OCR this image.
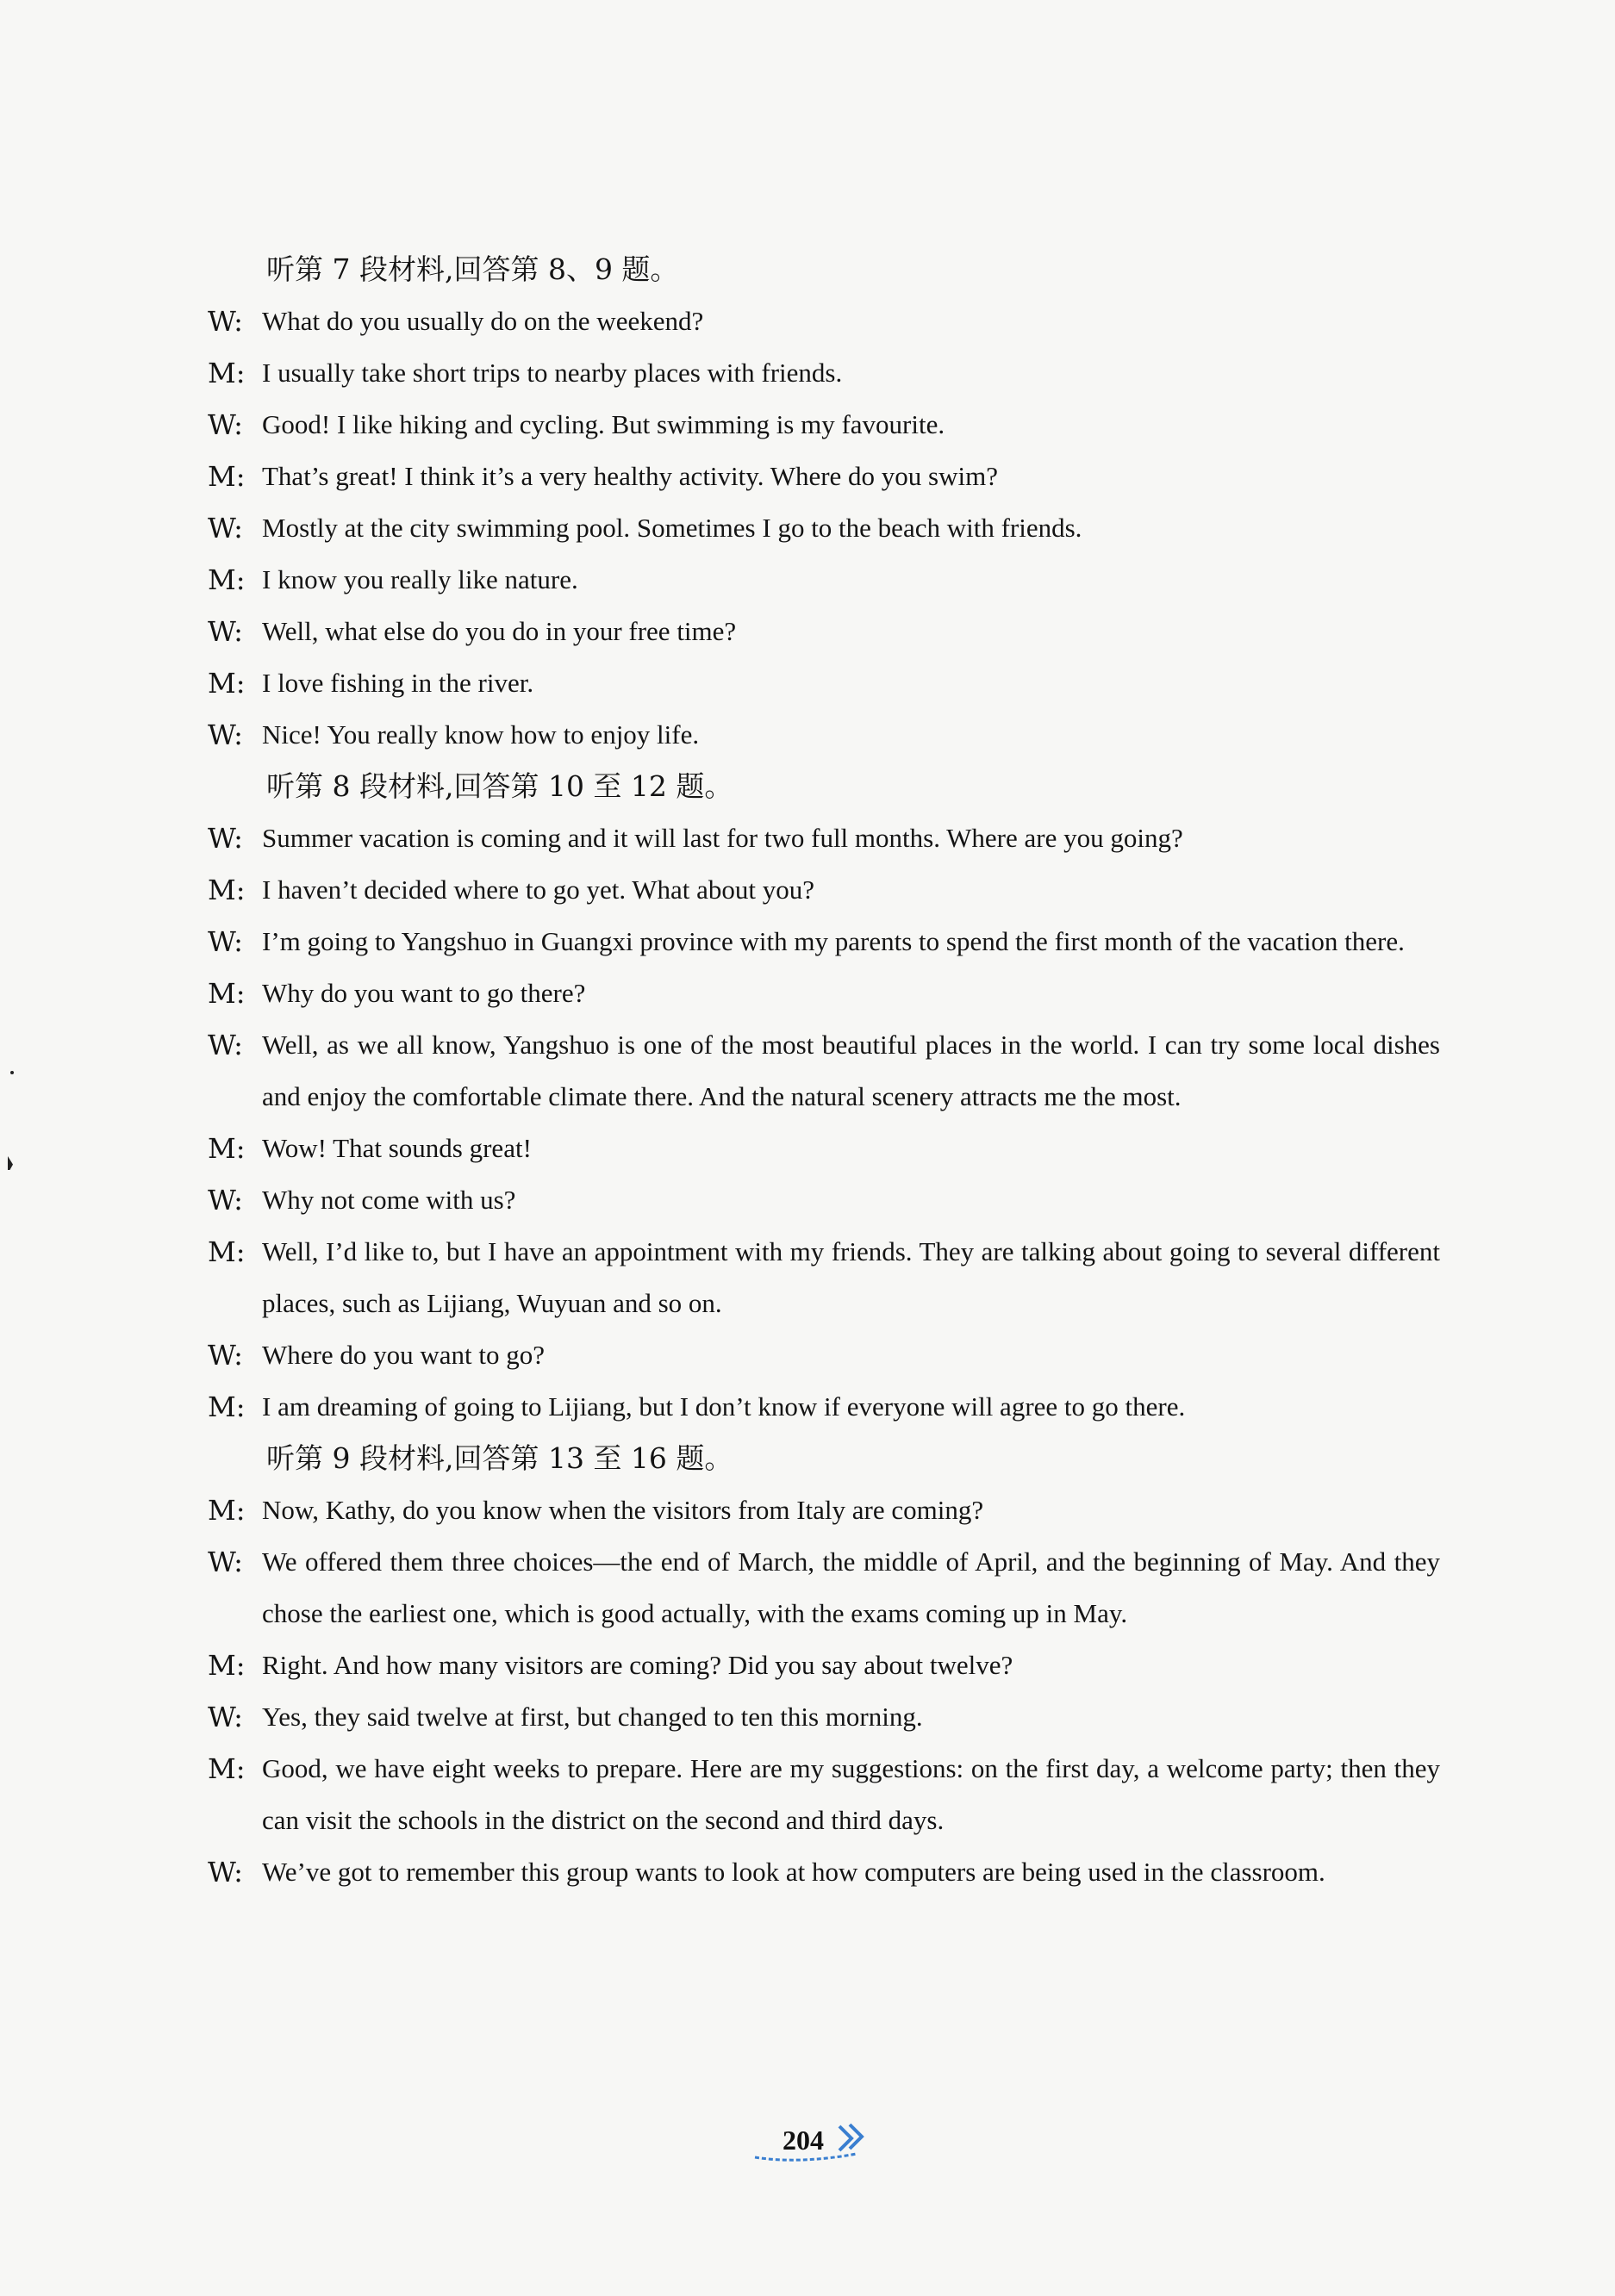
听第 7 段材料,回答第 8、9 题。
W: What do you usually do on the weekend?
M: I usually take short trips to nearby places with friends.
W: Good! I like hiking and cycling. But swimming is my favourite.
M: That’s great! I think it’s a very healthy activity. Where do you swim?
W: Mostly at the city swimming pool. Sometimes I go to the beach with friends.
M: I know you really like nature.
W: Well, what else do you do in your free time?
M: I love fishing in the river.
W: Nice! You really know how to enjoy life.
听第 8 段材料,回答第 10 至 12 题。
W: Summer vacation is coming and it will last for two full months. Where are you going?
M: I haven’t decided where to go yet. What about you?
W: I’m going to Yangshuo in Guangxi province with my parents to spend the first month of the vacation there.
M: Why do you want to go there?
W: Well, as we all know, Yangshuo is one of the most beautiful places in the world. I can try some local dishes and enjoy the comfortable climate there. And the natural scenery attracts me the most.
M: Wow! That sounds great!
W: Why not come with us?
M: Well, I’d like to, but I have an appointment with my friends. They are talking about going to several different places, such as Lijiang, Wuyuan and so on.
W: Where do you want to go?
M: I am dreaming of going to Lijiang, but I don’t know if everyone will agree to go there.
听第 9 段材料,回答第 13 至 16 题。
M: Now, Kathy, do you know when the visitors from Italy are coming?
W: We offered them three choices—the end of March, the middle of April, and the beginning of May. And they chose the earliest one, which is good actually, with the exams coming up in May.
M: Right. And how many visitors are coming? Did you say about twelve?
W: Yes, they said twelve at first, but changed to ten this morning.
M: Good, we have eight weeks to prepare. Here are my suggestions: on the first day, a welcome party; then they can visit the schools in the district on the second and third days.
W: We’ve got to remember this group wants to look at how computers are being used in the classroom.
204
